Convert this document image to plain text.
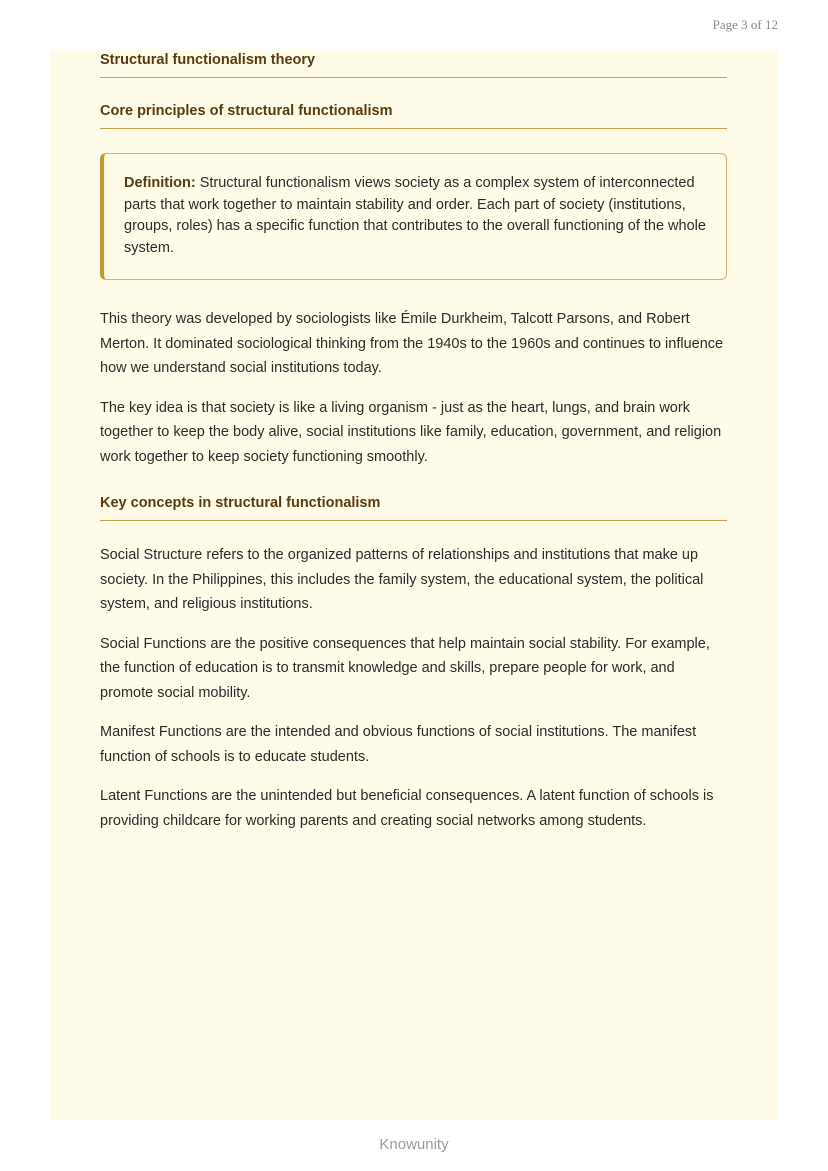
Page 3 of 12
Structural functionalism theory
Core principles of structural functionalism
Definition: Structural functionalism views society as a complex system of interconnected parts that work together to maintain stability and order. Each part of society (institutions, groups, roles) has a specific function that contributes to the overall functioning of the whole system.

This theory was developed by sociologists like Émile Durkheim, Talcott Parsons, and Robert Merton. It dominated sociological thinking from the 1940s to the 1960s and continues to influence how we understand social institutions today.

The key idea is that society is like a living organism - just as the heart, lungs, and brain work together to keep the body alive, social institutions like family, education, government, and religion work together to keep society functioning smoothly.

Key concepts in structural functionalism

Social Structure refers to the organized patterns of relationships and institutions that make up society. In the Philippines, this includes the family system, the educational system, the political system, and religious institutions.

Social Functions are the positive consequences that help maintain social stability. For example, the function of education is to transmit knowledge and skills, prepare people for work, and promote social mobility.

Manifest Functions are the intended and obvious functions of social institutions. The manifest function of schools is to educate students.

Latent Functions are the unintended but beneficial consequences. A latent function of schools is providing childcare for working parents and creating social networks among students.

Knowunity
